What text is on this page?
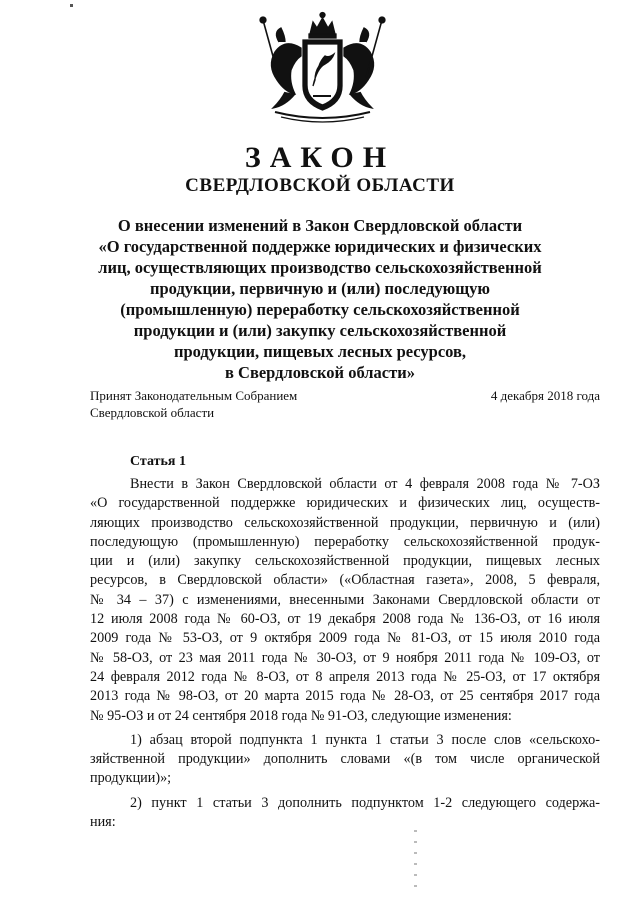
ЗАКОН
СВЕРДЛОВСКОЙ ОБЛАСТИ
О внесении изменений в Закон Свердловской области
«О государственной поддержке юридических и физических
лиц, осуществляющих производство сельскохозяйственной
продукции, первичную и (или) последующую
(промышленную) переработку сельскохозяйственной
продукции и (или) закупку сельскохозяйственной
продукции, пищевых лесных ресурсов,
в Свердловской области»
Принят Законодательным Собранием
Свердловской области
4 декабря 2018 года
Статья 1
Внести в Закон Свердловской области от 4 февраля 2008 года № 7-ОЗ
«О государственной поддержке юридических и физических лиц, осуществ-
ляющих производство сельскохозяйственной продукции, первичную и (или)
последующую (промышленную) переработку сельскохозяйственной продук-
ции и (или) закупку сельскохозяйственной продукции, пищевых лесных
ресурсов, в Свердловской области» («Областная газета», 2008, 5 февраля,
№ 34 – 37) с изменениями, внесенными Законами Свердловской области от
12 июля 2008 года № 60-ОЗ, от 19 декабря 2008 года № 136-ОЗ, от 16 июля
2009 года № 53-ОЗ, от 9 октября 2009 года № 81-ОЗ, от 15 июля 2010 года
№ 58-ОЗ, от 23 мая 2011 года № 30-ОЗ, от 9 ноября 2011 года № 109-ОЗ, от
24 февраля 2012 года № 8-ОЗ, от 8 апреля 2013 года № 25-ОЗ, от 17 октября
2013 года № 98-ОЗ, от 20 марта 2015 года № 28-ОЗ, от 25 сентября 2017 года
№ 95-ОЗ и от 24 сентября 2018 года № 91-ОЗ, следующие изменения:
1) абзац второй подпункта 1 пункта 1 статьи 3 после слов «сельскохо-
зяйственной продукции» дополнить словами «(в том числе органической
продукции)»;
2) пункт 1 статьи 3 дополнить подпунктом 1-2 следующего содержа-
ния:
